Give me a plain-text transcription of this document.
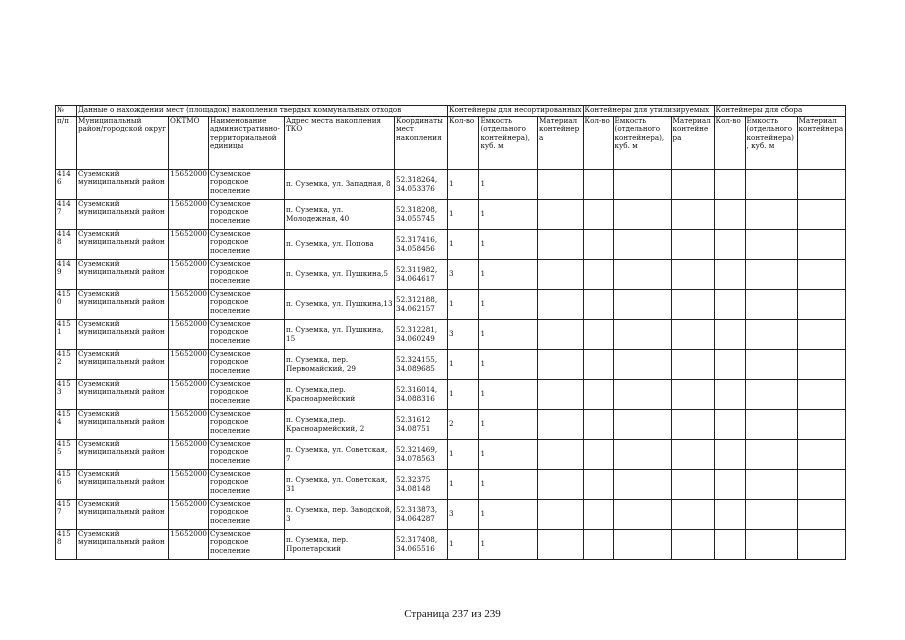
№	Данные о нахождении мест (площадок) накопления твердых коммунальных отходов					Контейнеры для несортированных			Контейнеры для утилизируемых			Контейнеры для сбора		
п/п	Муниципальный район/городской округ	ОКТМО	Наименование административно-территориальной единицы	Адрес места накопления ТКО	Координаты мест накопления	Кол-во	Емкость (отдельного контейнера), куб. м	Материал контейнера	Кол-во	Емкость (отдельного контейнера), куб. м	Материал контейнера	Кол-во	Емкость (отдельного контейнера), куб. м	Материал контейнера
4146	Суземский муниципальный район	15652000	Суземское городское поселение	п. Суземка, ул. Западная, 8	52.318264, 34.053376	1	1							
4147	Суземский муниципальный район	15652000	Суземское городское поселение	п. Суземка, ул. Молодежная, 40	52.318208, 34.055745	1	1							
4148	Суземский муниципальный район	15652000	Суземское городское поселение	п. Суземка, ул. Попова	52.317416, 34.058456	1	1							
4149	Суземский муниципальный район	15652000	Суземское городское поселение	п. Суземка, ул. Пушкина,5	52.311982, 34.064617	3	1							
4150	Суземский муниципальный район	15652000	Суземское городское поселение	п. Суземка, ул. Пушкина,13	52.312188, 34.062157	1	1							
4151	Суземский муниципальный район	15652000	Суземское городское поселение	п. Суземка, ул. Пушкина, 15	52.312281, 34.060249	3	1							
4152	Суземский муниципальный район	15652000	Суземское городское поселение	п. Суземка, пер. Первомайский, 29	52.324155, 34.089685	1	1							
4153	Суземский муниципальный район	15652000	Суземское городское поселение	п. Суземка,пер. Красноармейский	52.316014, 34.088316	1	1							
4154	Суземский муниципальный район	15652000	Суземское городское поселение	п. Суземка,пер. Красноармейский, 2	52.31612 34.08751	2	1							
4155	Суземский муниципальный район	15652000	Суземское городское поселение	п. Суземка, ул. Советская, 7	52.321469, 34.078563	1	1							
4156	Суземский муниципальный район	15652000	Суземское городское поселение	п. Суземка, ул. Советская, 31	52.32375 34.08148	1	1							
4157	Суземский муниципальный район	15652000	Суземское городское поселение	п. Суземка, пер. Заводской, 3	52.313873, 34.064287	3	1							
4158	Суземский муниципальный район	15652000	Суземское городское поселение	п. Суземка, пер. Пролетарский	52.317408, 34.065516	1	1							
Страница 237 из 239
